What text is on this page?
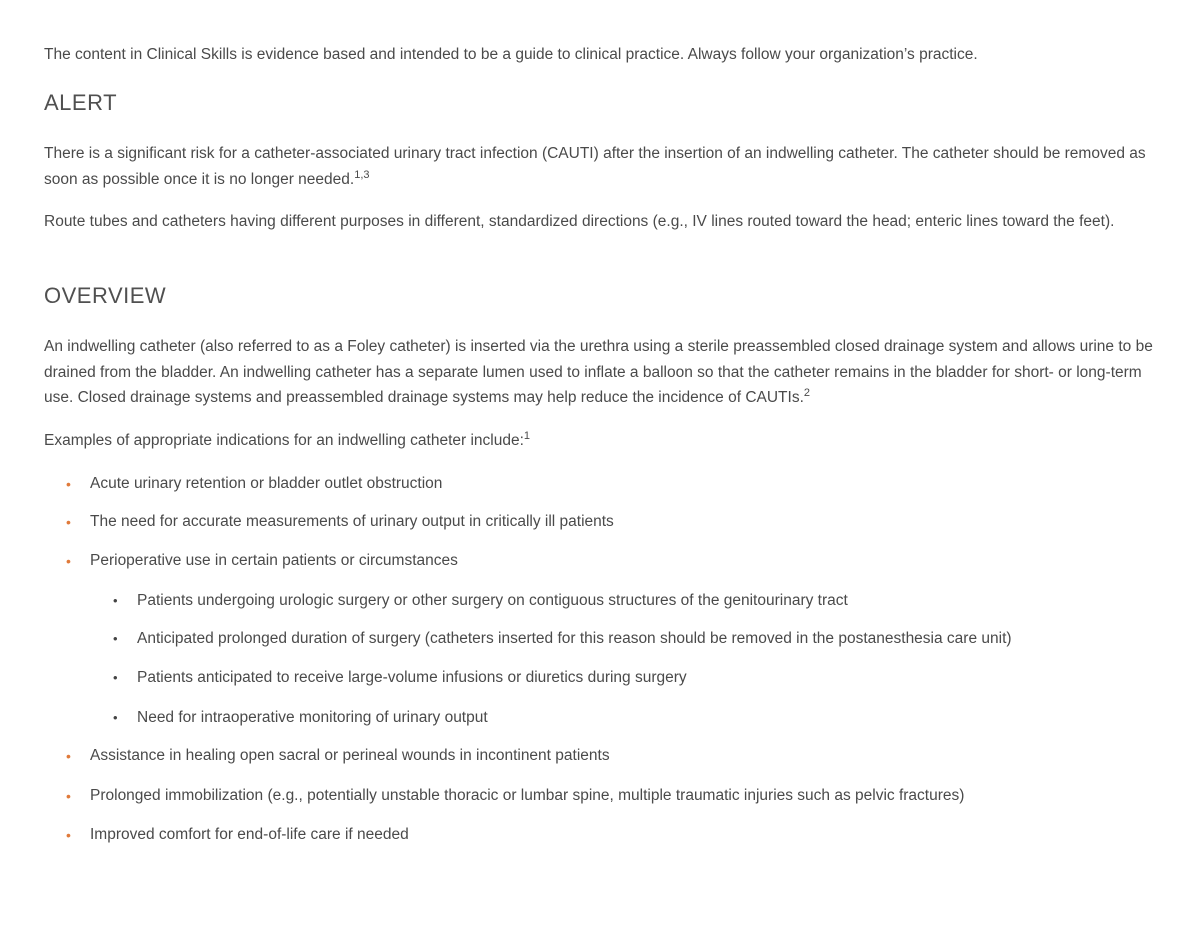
The content in Clinical Skills is evidence based and intended to be a guide to clinical practice. Always follow your organization’s practice.
ALERT

There is a significant risk for a catheter-associated urinary tract infection (CAUTI) after the insertion of an indwelling catheter. The catheter should be removed as soon as possible once it is no longer needed.$^{1,3}$

Route tubes and catheters having different purposes in different, standardized directions (e.g., IV lines routed toward the head; enteric lines toward the feet).

OVERVIEW

An indwelling catheter (also referred to as a Foley catheter) is inserted via the urethra using a sterile preassembled closed drainage system and allows urine to be drained from the bladder. An indwelling catheter has a separate lumen used to inflate a balloon so that the catheter remains in the bladder for short- or long-term use. Closed drainage systems and preassembled drainage systems may help reduce the incidence of CAUTIs.$^2$

Examples of appropriate indications for an indwelling catheter include:$^1$

• Acute urinary retention or bladder outlet obstruction
• The need for accurate measurements of urinary output in critically ill patients
• Perioperative use in certain patients or circumstances
• Patients undergoing urologic surgery or other surgery on contiguous structures of the genitourinary tract
• Anticipated prolonged duration of surgery (catheters inserted for this reason should be removed in the postanesthesia care unit)
• Patients anticipated to receive large-volume infusions or diuretics during surgery
• Need for intraoperative monitoring of urinary output
• Assistance in healing open sacral or perineal wounds in incontinent patients
• Prolonged immobilization (e.g., potentially unstable thoracic or lumbar spine, multiple traumatic injuries such as pelvic fractures)
• Improved comfort for end-of-life care if needed
